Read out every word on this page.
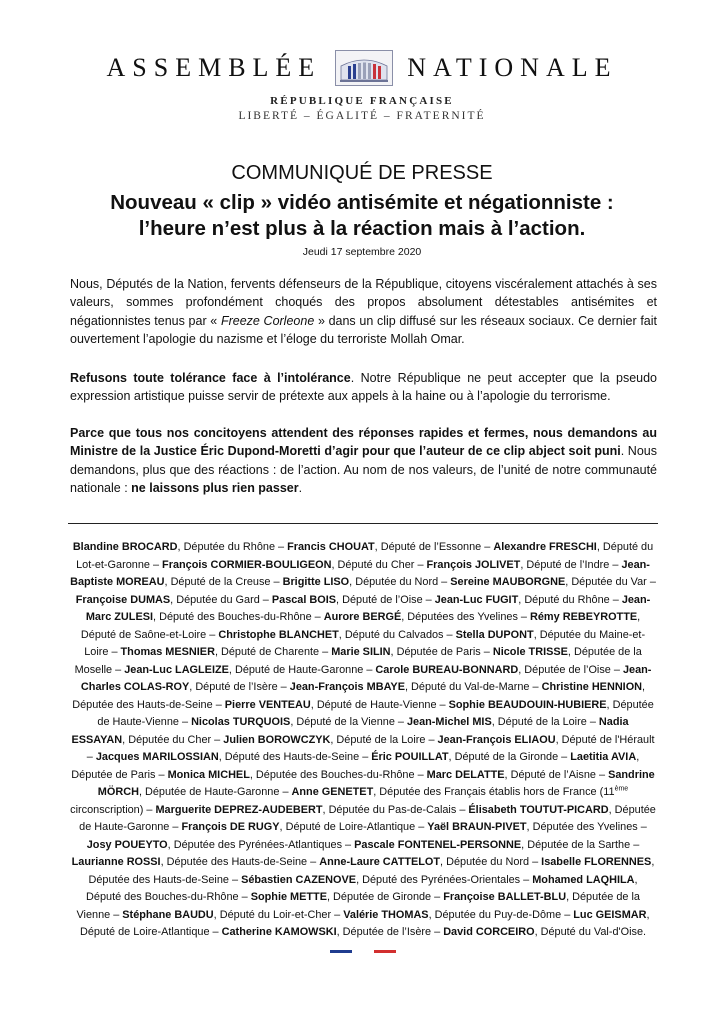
ASSEMBLÉE	NATIONALE
RÉPUBLIQUE FRANÇAISE
LIBERTÉ – ÉGALITÉ – FRATERNITÉ
COMMUNIQUÉ DE PRESSE
Nouveau « clip » vidéo antisémite et négationniste :
l’heure n’est plus à la réaction mais à l’action.
Jeudi 17 septembre 2020
Nous, Députés de la Nation, fervents défenseurs de la République, citoyens viscéralement attachés à ses valeurs, sommes profondément choqués des propos absolument détestables antisémites et négationnistes tenus par « Freeze Corleone » dans un clip diffusé sur les réseaux sociaux. Ce dernier fait ouvertement l’apologie du nazisme et l’éloge du terroriste Mollah Omar.
Refusons toute tolérance face à l’intolérance. Notre République ne peut accepter que la pseudo expression artistique puisse servir de prétexte aux appels à la haine ou à l’apologie du terrorisme.
Parce que tous nos concitoyens attendent des réponses rapides et fermes, nous demandons au Ministre de la Justice Éric Dupond-Moretti d’agir pour que l’auteur de ce clip abject soit puni. Nous demandons, plus que des réactions : de l’action. Au nom de nos valeurs, de l’unité de notre communauté nationale : ne laissons plus rien passer.
Blandine BROCARD, Députée du Rhône – Francis CHOUAT, Député de l’Essonne – Alexandre FRESCHI, Député du Lot-et-Garonne – François CORMIER-BOULIGEON, Député du Cher – François JOLIVET, Député de l’Indre – Jean-Baptiste MOREAU, Député de la Creuse – Brigitte LISO, Députée du Nord – Sereine MAUBORGNE, Députée du Var – Françoise DUMAS, Députée du Gard – Pascal BOIS, Député de l’Oise – Jean-Luc FUGIT, Député du Rhône – Jean-Marc ZULESI, Député des Bouches-du-Rhône – Aurore BERGÉ, Députées des Yvelines – Rémy REBEYROTTE, Député de Saône-et-Loire – Christophe BLANCHET, Député du Calvados – Stella DUPONT, Députée du Maine-et-Loire – Thomas MESNIER, Député de Charente – Marie SILIN, Députée de Paris – Nicole TRISSE, Députée de la Moselle – Jean-Luc LAGLEIZE, Député de Haute-Garonne – Carole BUREAU-BONNARD, Députée de l’Oise – Jean-Charles COLAS-ROY, Député de l’Isère – Jean-François MBAYE, Député du Val-de-Marne – Christine HENNION, Députée des Hauts-de-Seine – Pierre VENTEAU, Député de Haute-Vienne – Sophie BEAUDOUIN-HUBIERE, Députée de Haute-Vienne – Nicolas TURQUOIS, Député de la Vienne – Jean-Michel MIS, Député de la Loire – Nadia ESSAYAN, Députée du Cher – Julien BOROWCZYK, Député de la Loire – Jean-François ELIAOU, Député de l'Hérault – Jacques MARILOSSIAN, Député des Hauts-de-Seine – Éric POUILLAT, Député de la Gironde – Laetitia AVIA, Députée de Paris – Monica MICHEL, Députée des Bouches-du-Rhône – Marc DELATTE, Député de l’Aisne – Sandrine MÖRCH, Députée de Haute-Garonne – Anne GENETET, Députée des Français établis hors de France (11ème circonscription) – Marguerite DEPREZ-AUDEBERT, Députée du Pas-de-Calais – Élisabeth TOUTUT-PICARD, Députée de Haute-Garonne – François DE RUGY, Député de Loire-Atlantique – Yaël BRAUN-PIVET, Députée des Yvelines – Josy POUEYTO, Députée des Pyrénées-Atlantiques – Pascale FONTENEL-PERSONNE, Députée de la Sarthe – Laurianne ROSSI, Députée des Hauts-de-Seine – Anne-Laure CATTELOT, Députée du Nord – Isabelle FLORENNES, Députée des Hauts-de-Seine – Sébastien CAZENOVE, Député des Pyrénées-Orientales – Mohamed LAQHILA, Député des Bouches-du-Rhône – Sophie METTE, Députée de Gironde – Françoise BALLET-BLU, Députée de la Vienne – Stéphane BAUDU, Député du Loir-et-Cher – Valérie THOMAS, Députée du Puy-de-Dôme – Luc GEISMAR, Député de Loire-Atlantique – Catherine KAMOWSKI, Députée de l’Isère – David CORCEIRO, Député du Val-d'Oise.
